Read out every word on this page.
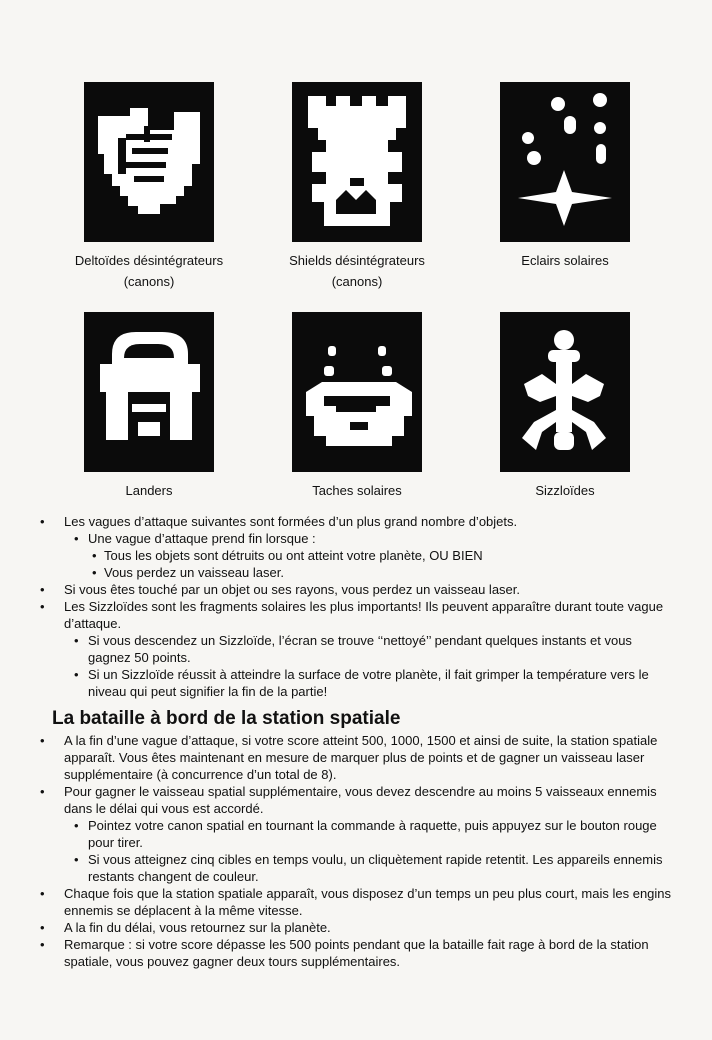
Deltoïdes désintégrateurs
(canons)
Shields désintégrateurs
(canons)
Eclairs solaires
Landers	Taches solaires	Sizzloïdes
• Les vagues d’attaque suivantes sont formées d’un plus grand nombre d’objets.
• Une vague d’attaque prend fin lorsque :
• Tous les objets sont détruits ou ont atteint votre planète, OU BIEN
• Vous perdez un vaisseau laser.
• Si vous êtes touché par un objet ou ses rayons, vous perdez un vaisseau laser.
• Les Sizzloïdes sont les fragments solaires les plus importants! Ils peuvent apparaître durant toute vague d’attaque.
• Si vous descendez un Sizzloïde, l’écran se trouve ‘‘nettoyé’’ pendant quelques instants et vous gagnez 50 points.
• Si un Sizzloïde réussit à atteindre la surface de votre planète, il fait grimper la température vers le niveau qui peut signifier la fin de la partie!
La bataille à bord de la station spatiale
• A la fin d’une vague d’attaque, si votre score atteint 500, 1000, 1500 et ainsi de suite, la station spatiale apparaît. Vous êtes maintenant en mesure de marquer plus de points et de gagner un vaisseau laser supplémentaire (à concurrence d’un total de 8).
• Pour gagner le vaisseau spatial supplémentaire, vous devez descendre au moins 5 vaisseaux ennemis dans le délai qui vous est accordé.
• Pointez votre canon spatial en tournant la commande à raquette, puis appuyez sur le bouton rouge pour tirer.
• Si vous atteignez cinq cibles en temps voulu, un cliquètement rapide retentit. Les appareils ennemis restants changent de couleur.
• Chaque fois que la station spatiale apparaît, vous disposez d’un temps un peu plus court, mais les engins ennemis se déplacent à la même vitesse.
• A la fin du délai, vous retournez sur la planète.
• Remarque : si votre score dépasse les 500 points pendant que la bataille fait rage à bord de la station spatiale, vous pouvez gagner deux tours supplémentaires.
